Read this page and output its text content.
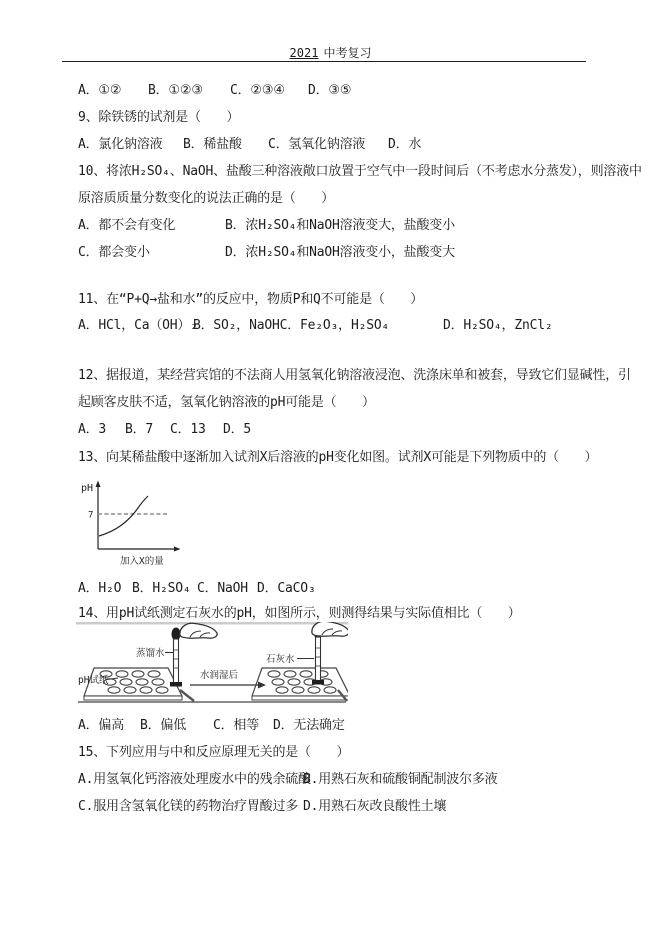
2021 中考复习
A．①② B．①②③ C．②③④ D．③⑤
9、除铁锈的试剂是（　　）
A．氯化钠溶液 B．稀盐酸 C．氢氧化钠溶液 D．水
10、将浓H₂SO₄、NaOH、盐酸三种溶液敞口放置于空气中一段时间后（不考虑水分蒸发），则溶液中
原溶质质量分数变化的说法正确的是（　　）
A．都不会有变化	B．浓H₂SO₄和NaOH溶液变大，盐酸变小
C．都会变小	D．浓H₂SO₄和NaOH溶液变小，盐酸变大
11、在“P+Q→盐和水”的反应中，物质P和Q不可能是（　　）
A．HCl，Ca（OH）₂
B．SO₂，NaOHC．Fe₂O₃，H₂SO₄	D．H₂SO₄，ZnCl₂
12、据报道，某经营宾馆的不法商人用氢氧化钠溶液浸泡、洗涤床单和被套，导致它们显碱性，引
起顾客皮肤不适，氢氧化钠溶液的pH可能是（　　）
A．3 B．7 C．13 D．5
13、向某稀盐酸中逐渐加入试剂X后溶液的pH变化如图。试剂X可能是下列物质中的（　　）
pH
7
加入X的量
A．H₂O B．H₂SO₄ C．NaOH D．CaCO₃
14、用pH试纸测定石灰水的pH，如图所示，则测得结果与实际值相比（　　）
蒸馏水
pH试纸	水润湿后
石灰水
A．偏高 B．偏低 C．相等 D．无法确定
15、下列应用与中和反应原理无关的是（　　）
A.用氢氧化钙溶液处理废水中的残余硫酸
B.用熟石灰和硫酸铜配制波尔多液
C.服用含氢氧化镁的药物治疗胃酸过多 D.用熟石灰改良酸性土壤
